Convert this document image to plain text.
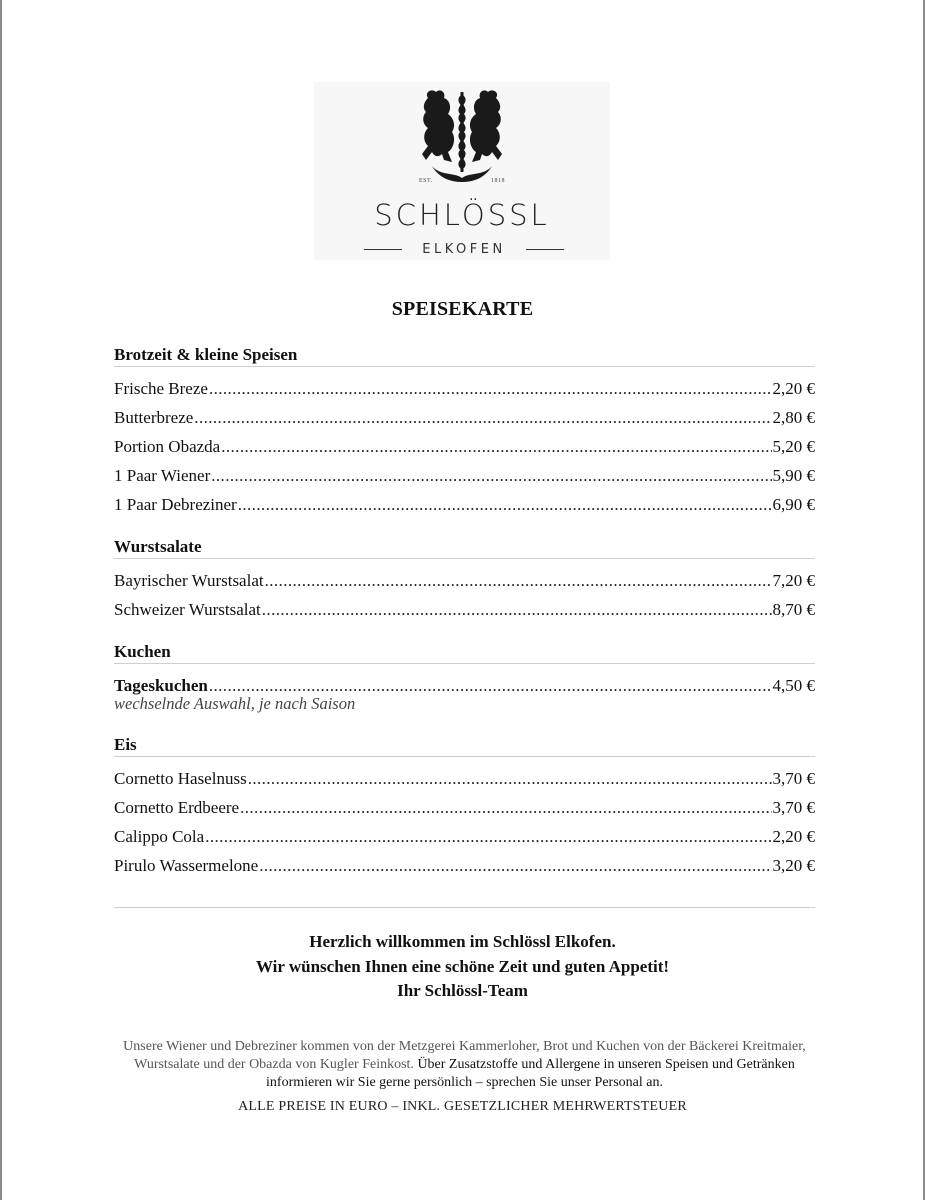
EST.	1818
SCHLÖSSL
ELKOFEN
SPEISEKARTE
Brotzeit & kleine Speisen
Frische Breze .....	2,20 €
Butterbreze .....	2,80 €
Portion Obazda .....	5,20 €
1 Paar Wiener .....	5,90 €
1 Paar Debreziner .....	6,90 €
Wurstsalate
Bayrischer Wurstsalat .....	7,20 €
Schweizer Wurstsalat .....	8,70 €
Kuchen
Tageskuchen .....	4,50 €
wechselnde Auswahl, je nach Saison
Eis
Cornetto Haselnuss .....	3,70 €
Cornetto Erdbeere .....	3,70 €
Calippo Cola .....	2,20 €
Pirulo Wassermelone .....	3,20 €
Herzlich willkommen im Schlössl Elkofen.
Wir wünschen Ihnen eine schöne Zeit und guten Appetit!
Ihr Schlössl-Team

Unsere Wiener und Debreziner kommen von der Metzgerei Kammerloher, Brot und Kuchen von der Bäckerei Kreitmaier, Wurstsalate und der Obazda von Kugler Feinkost. Über Zusatzstoffe und Allergene in unseren Speisen und Getränken informieren wir Sie gerne persönlich – sprechen Sie unser Personal an.

ALLE PREISE IN EURO – INKL. GESETZLICHER MEHRWERTSTEUER
